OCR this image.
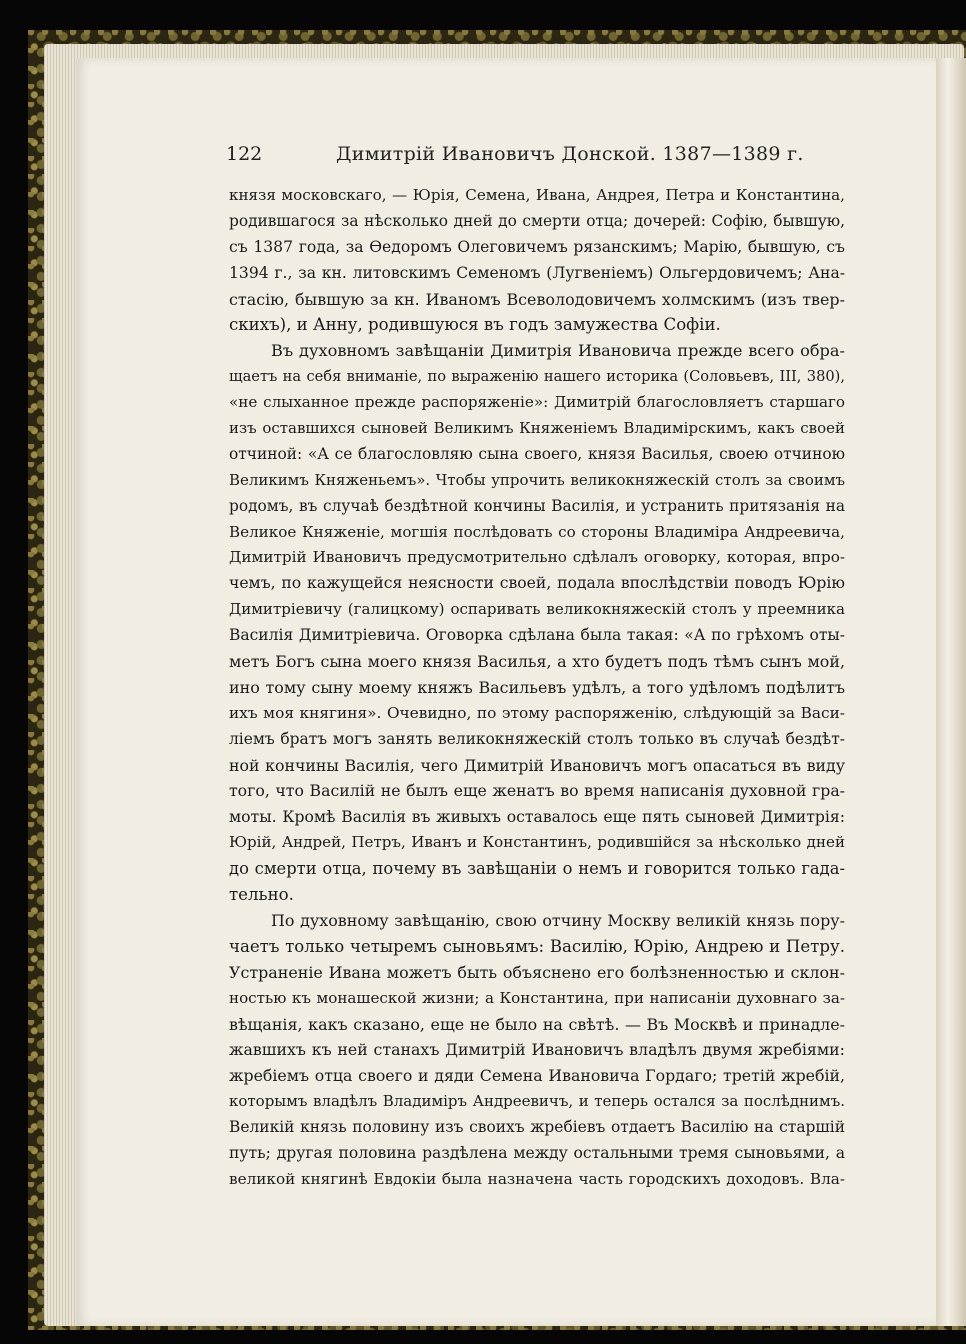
122	Димитрій Ивановичъ Донской. 1387—1389 г.
князя московскаго, — Юрія, Семена, Ивана, Андрея, Петра и Константина,
родившагося за нѣсколько дней до смерти отца; дочерей: Софію, бывшую,
съ 1387 года, за Ѳедоромъ Олеговичемъ рязанскимъ; Марію, бывшую, съ
1394 г., за кн. литовскимъ Семеномъ (Лугвеніемъ) Ольгердовичемъ; Ана-
стасію, бывшую за кн. Иваномъ Всеволодовичемъ холмскимъ (изъ твер-
скихъ), и Анну, родившуюся въ годъ замужества Софіи.
Въ духовномъ завѣщаніи Димитрія Ивановича прежде всего обра-
щаетъ на себя вниманіе, по выраженію нашего историка (Соловьевъ, III, 380),
«не слыханное прежде распоряженіе»: Димитрій благословляетъ старшаго
изъ оставшихся сыновей Великимъ Княженіемъ Владимірскимъ, какъ своей
отчиной: «А се благословляю сына своего, князя Василья, своею отчиною
Великимъ Княженьемъ». Чтобы упрочить великокняжескій столъ за своимъ
родомъ, въ случаѣ бездѣтной кончины Василія, и устранить притязанія на
Великое Княженіе, могшія послѣдовать со стороны Владиміра Андреевича,
Димитрій Ивановичъ предусмотрительно сдѣлалъ оговорку, которая, впро-
чемъ, по кажущейся неясности своей, подала впослѣдствіи поводъ Юрію
Димитріевичу (галицкому) оспаривать великокняжескій столъ у преемника
Василія Димитріевича. Оговорка сдѣлана была такая: «А по грѣхомъ оты-
метъ Богъ сына моего князя Василья, а хто будетъ подъ тѣмъ сынъ мой,
ино тому сыну моему княжъ Васильевъ удѣлъ, а того удѣломъ подѣлитъ
ихъ моя княгиня». Очевидно, по этому распоряженію, слѣдующій за Васи-
ліемъ братъ могъ занять великокняжескій столъ только въ случаѣ бездѣт-
ной кончины Василія, чего Димитрій Ивановичъ могъ опасаться въ виду
того, что Василій не былъ еще женатъ во время написанія духовной гра-
моты. Кромѣ Василія въ живыхъ оставалось еще пять сыновей Димитрія:
Юрій, Андрей, Петръ, Иванъ и Константинъ, родившійся за нѣсколько дней
до смерти отца, почему въ завѣщаніи о немъ и говорится только гада-
тельно.
По духовному завѣщанію, свою отчину Москву великій князь пору-
чаетъ только четыремъ сыновьямъ: Василію, Юрію, Андрею и Петру.
Устраненіе Ивана можетъ быть объяснено его болѣзненностью и склон-
ностью къ монашеской жизни; а Константина, при написаніи духовнаго за-
вѣщанія, какъ сказано, еще не было на свѣтѣ. — Въ Москвѣ и принадле-
жавшихъ къ ней станахъ Димитрій Ивановичъ владѣлъ двумя жребіями:
жребіемъ отца своего и дяди Семена Ивановича Гордаго; третій жребій,
которымъ владѣлъ Владиміръ Андреевичъ, и теперь остался за послѣднимъ.
Великій князь половину изъ своихъ жребіевъ отдаетъ Василію на старшій
путь; другая половина раздѣлена между остальными тремя сыновьями, а
великой княгинѣ Евдокіи была назначена часть городскихъ доходовъ. Вла-
